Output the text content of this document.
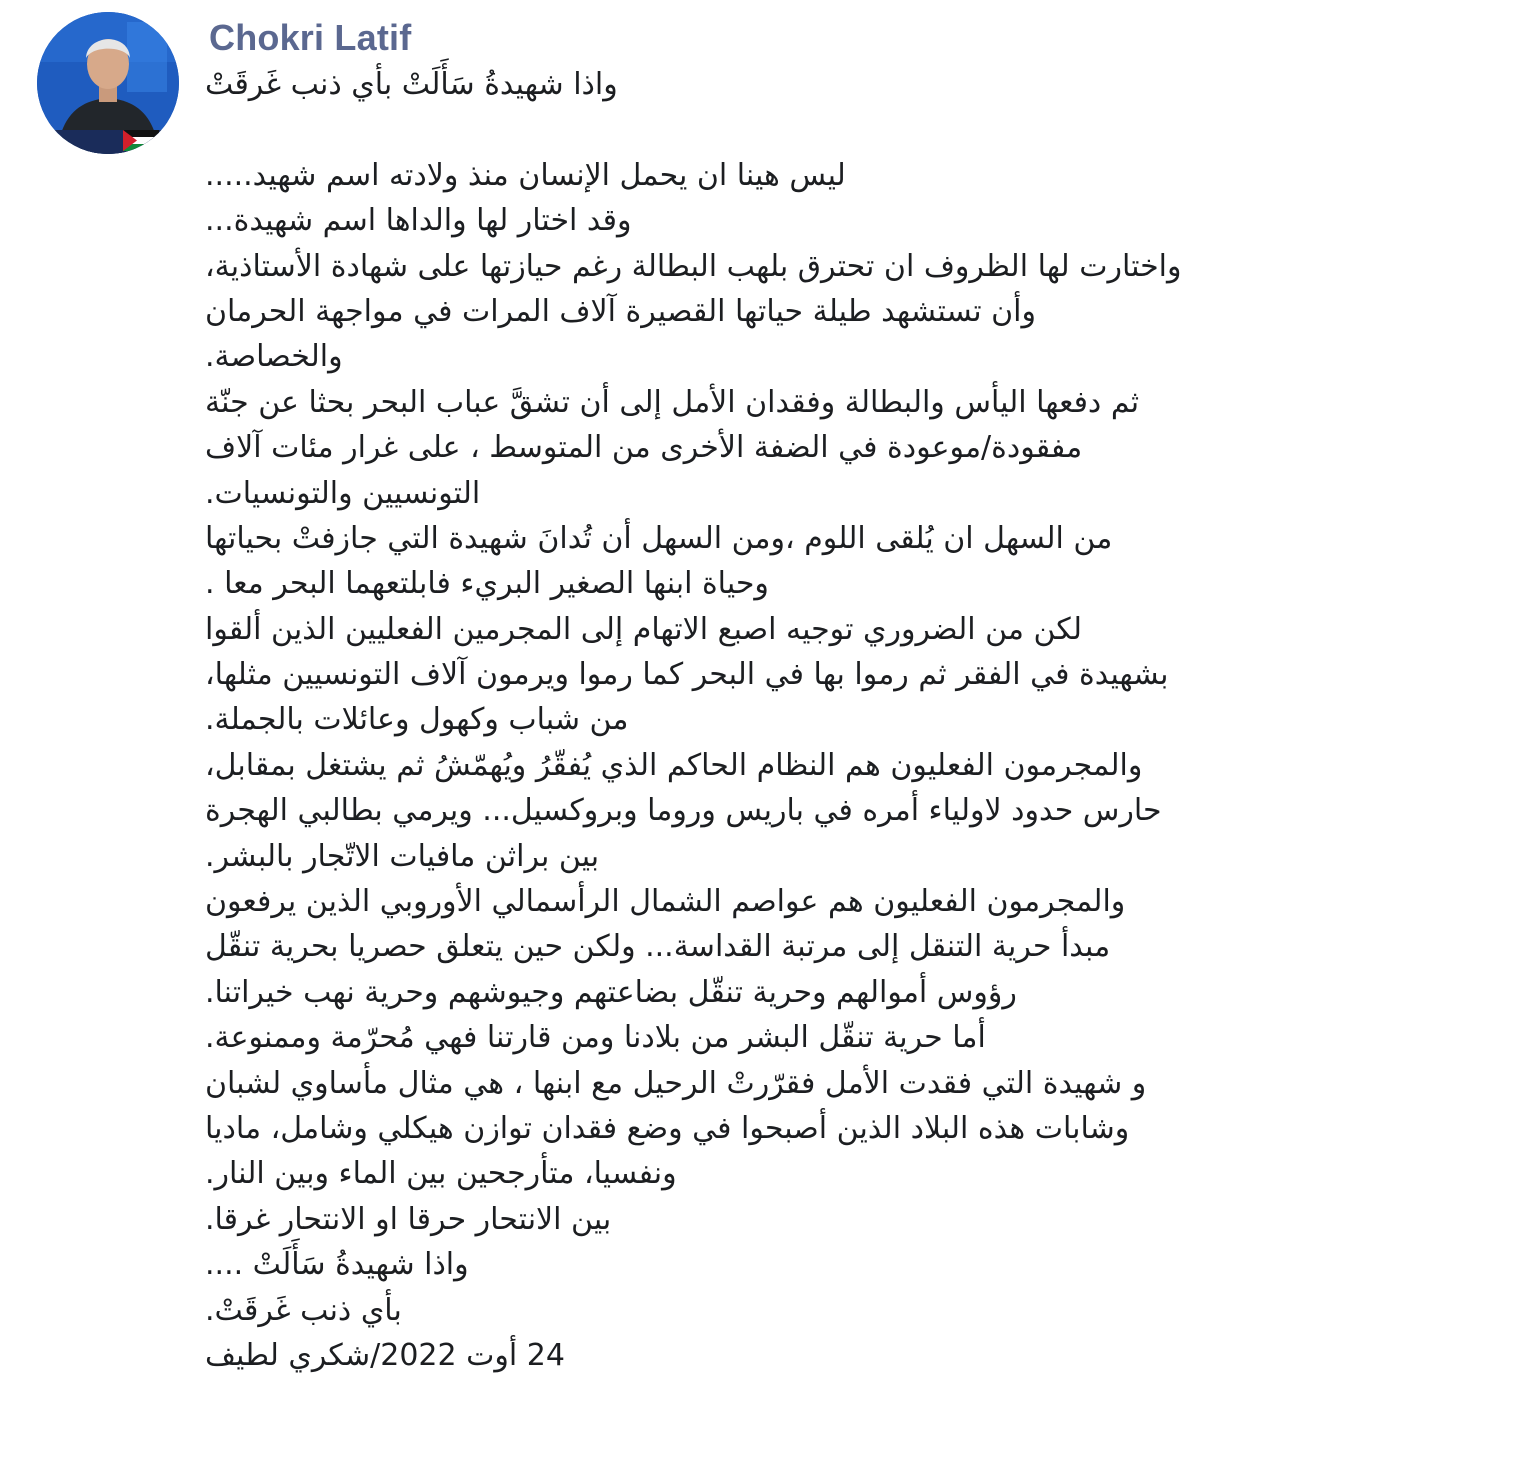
Chokri Latif
واذا شهيدةُ سَأَلَتْ بأي ذنب غَرقَتْ
ليس هينا ان يحمل الإنسان منذ ولادته اسم شهيد.....
وقد اختار لها والداها اسم شهيدة...
واختارت لها الظروف ان تحترق بلهب البطالة رغم حيازتها على شهادة الأستاذية،
وأن تستشهد طيلة حياتها القصيرة آلاف المرات في مواجهة الحرمان
والخصاصة.
ثم دفعها اليأس والبطالة وفقدان الأمل إلى أن تشقَّ عباب البحر بحثا عن جنّة
مفقودة/موعودة في الضفة الأخرى من المتوسط ، على غرار مئات آلاف
التونسيين والتونسيات.
من السهل ان يُلقى اللوم ،ومن السهل أن تُدانَ شهيدة التي جازفتْ بحياتها
وحياة ابنها الصغير البريء فابلتعهما البحر معا .
لكن من الضروري توجيه اصبع الاتهام إلى المجرمين الفعليين الذين ألقوا
بشهيدة في الفقر ثم رموا بها في البحر كما رموا ويرمون آلاف التونسيين مثلها،
من شباب وكهول وعائلات بالجملة.
والمجرمون الفعليون هم النظام الحاكم الذي يُفقّرُ ويُهمّشُ ثم يشتغل بمقابل،
حارس حدود لاولياء أمره في باريس وروما وبروكسيل... ويرمي بطالبي الهجرة
بين براثن مافيات الاتّجار بالبشر.
والمجرمون الفعليون هم عواصم الشمال الرأسمالي الأوروبي الذين يرفعون
مبدأ حرية التنقل إلى مرتبة القداسة... ولكن حين يتعلق حصريا بحرية تنقّل
رؤوس أموالهم وحرية تنقّل بضاعتهم وجيوشهم وحرية نهب خيراتنا.
أما حرية تنقّل البشر من بلادنا ومن قارتنا فهي مُحرّمة وممنوعة.
و شهيدة التي فقدت الأمل فقرّرتْ الرحيل مع ابنها ، هي مثال مأساوي لشبان
وشابات هذه البلاد الذين أصبحوا في وضع فقدان توازن هيكلي وشامل، ماديا
ونفسيا، متأرجحين بين الماء وبين النار.
بين الانتحار حرقا او الانتحار غرقا.
واذا شهيدةُ سَأَلَتْ ....
بأي ذنب غَرقَتْ.
24 أوت 2022/شكري لطيف
